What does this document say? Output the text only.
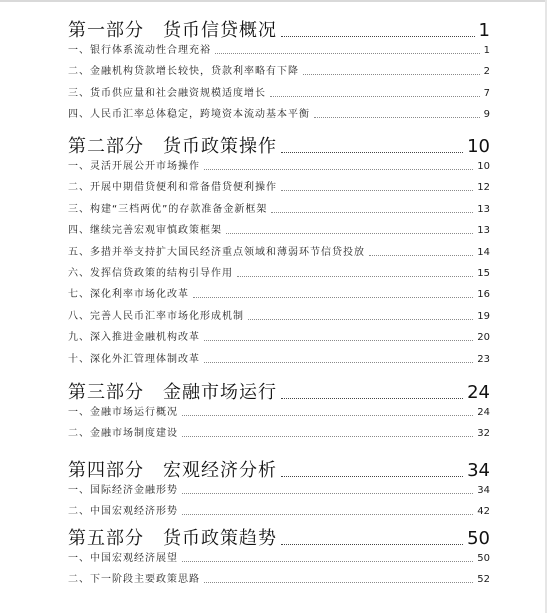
第一部分　货币信贷概况	1
一、银行体系流动性合理充裕	1
二、金融机构贷款增长较快，贷款利率略有下降	2
三、货币供应量和社会融资规模适度增长	7
四、人民币汇率总体稳定，跨境资本流动基本平衡	9
第二部分　货币政策操作	10
一、灵活开展公开市场操作	10
二、开展中期借贷便利和常备借贷便利操作	12
三、构建“三档两优”的存款准备金新框架	13
四、继续完善宏观审慎政策框架	13
五、多措并举支持扩大国民经济重点领域和薄弱环节信贷投放	14
六、发挥信贷政策的结构引导作用	15
七、深化利率市场化改革	16
八、完善人民币汇率市场化形成机制	19
九、深入推进金融机构改革	20
十、深化外汇管理体制改革	23
第三部分　金融市场运行	24
一、金融市场运行概况	24
二、金融市场制度建设	32
第四部分　宏观经济分析	34
一、国际经济金融形势	34
二、中国宏观经济形势	42
第五部分　货币政策趋势	50
一、中国宏观经济展望	50
二、下一阶段主要政策思路	52
